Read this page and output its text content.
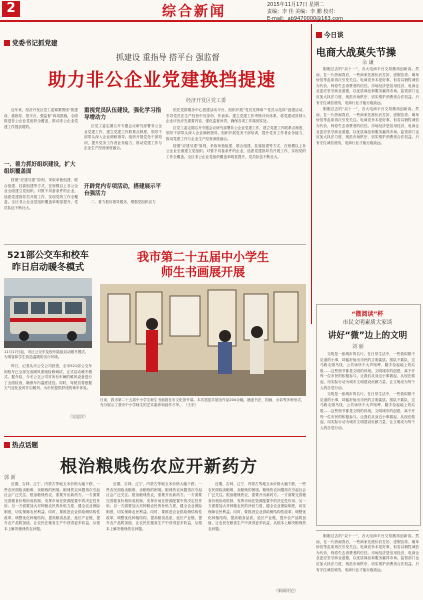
2	综合新闻	2015年11月17日 星期二
责编：李 佳 美编：李 鹏 校对：
E-mail：ab9470000@163.com
党委书记抓党建
抓建设 重指导 搭平台 强监督
助力非公企业党建换挡提速
经济开发区党工委

近年来，经济开发区党工委紧紧围绕“抓建设、重指导、搭平台、强监督”四项措施，全面推进非公企业党组织全覆盖，推动非公企业党建工作提质增效。

一、着力抓好组织建设，扩大组织覆盖面

按照“应建尽建”原则，采取单独组建、联合组建、挂靠组建等方式，在规模以上非公企业全面建立党组织。对暂不具备条件的企业，选派党建指导员开展工作，实现党的工作全覆盖。全区非公企业党组织覆盖率明显提升，党员队伍不断壮大。

重视党员队伍建设，强化学习指导增动力

区党工委定期召开专题会议研究部署非公企业党建工作，建立党建工作联系点制度，领导干部带头深入企业调研指导。组织开展党务干部培训，提升党务工作者业务能力，推动党建工作与企业生产经营深度融合。

开辟党内专项活动，搭建展示平台强活力

二、着力抓好指导服务，增强党组织活力

依托党群服务中心搭建活动平台，组织开展“党员先锋岗”“党员示范岗”创建活动，引导党员在生产经营中亮身份、作表率。建立党建工作考核评价体系，将党建成效纳入企业评优评先重要内容，强化监督问责，确保各项工作落到实处。

区党工委定期召开专题会议研究部署非公企业党建工作，建立党建工作联系点制度，领导干部带头深入企业调研指导。组织开展党务干部培训，提升党务工作者业务能力，推动党建工作与企业生产经营深度融合。

按照“应建尽建”原则，采取单独组建、联合组建、挂靠组建等方式，在规模以上非公企业全面建立党组织。对暂不具备条件的企业，选派党建指导员开展工作，实现党的工作全覆盖。全区非公企业党组织覆盖率明显提升，党员队伍不断壮大。

今日谈
电商大战莫失节操
余 谦

刚刚过去的“双十一”，各大电商平台交易额再创新高。然而，在一片热闹背后，一些商家先涨价后打折、虚假宣传、刷单炒信等乱象再次引发关注。电商竞争本是好事，但若以牺牲诚信为代价，终将失去消费者的信任。市场经济是信用经济，电商企业更应坚守商业道德，以优质商品和服务赢得市场。监管部门也应加大执法力度，规范市场秩序，切实维护消费者合法权益。只有守住诚信底线，电商行业才能行稳致远。

刚刚过去的“双十一”，各大电商平台交易额再创新高。然而，在一片热闹背后，一些商家先涨价后打折、虚假宣传、刷单炒信等乱象再次引发关注。电商竞争本是好事，但若以牺牲诚信为代价，终将失去消费者的信任。市场经济是信用经济，电商企业更应坚守商业道德，以优质商品和服务赢得市场。监管部门也应加大执法力度，规范市场秩序，切实维护消费者合法权益。只有守住诚信底线，电商行业才能行稳致远。

521部公交车和校车昨日启动暖冬模式
11月17日起，市区公交车及校车陆续启动暖冬模式，为乘客和学生营造温暖的出行环境。

昨日，记者从市公交公司获悉，全市521部公交车和校车已全部完成暖风系统检修调试，正式启动暖冬模式。据介绍，今冬公交公司对所有车辆的暖风设备进行了全面检查，确保车内温度适宜。同时，驾驶员将根据天气变化及时开启暖风，为市民提供舒适的乘车体验。

（吴思洋）
我市第二十五届中小学生
师生书画展开展
日前，我市第二十五届中小学生师生书画展在市文化馆开幕。本次展览共展出作品200余幅，涵盖书法、国画、水彩等多种形式，充分展示了我市中小学师生的艺术素养和创作才华。 （王东）
“微阅读”杯
市民文明素质大家谈
讲好“微”边上的文明
刘 丽

文明是一座城市的名片。在日常生活中，一些看似微不足道的小事，却能折射出市民的文明素质。排队不插队、过马路走斑马线、公共场所不大声喧哗、随手捡起地上的垃圾……这些细节都是文明的体现。文明城市的创建，离不开每一位市民的积极参与。让我们从身边小事做起，从现在做起，用实际行动为城市文明建设贡献力量，让文明成为每个人的自觉行动。

文明是一座城市的名片。在日常生活中，一些看似微不足道的小事，却能折射出市民的文明素质。排队不插队、过马路走斑马线、公共场所不大声喧哗、随手捡起地上的垃圾……这些细节都是文明的体现。文明城市的创建，离不开每一位市民的积极参与。让我们从身边小事做起，从现在做起，用实际行动为城市文明建设贡献力量，让文明成为每个人的自觉行动。

热点话题
根治粮贱伤农应开新药方
郭 新

近期，吉林、辽宁、内蒙古等地玉米价格大幅下跌，一些农民面临卖粮难、卖粮贱的困境。粮贱伤农问题再次引起社会广泛关注。根治粮贱伤农，需要开出新药方。一方面要完善粮食价格形成机制，发挥市场在资源配置中的决定性作用；另一方面要加大对种粮农民的补贴力度，健全农业保险制度，切实保障农民利益。同时，要推进农业供给侧结构性改革，调整优化种植结构，提高粮食品质，延长产业链，提升农产品附加值，让农民在粮食生产中获得更多收益，从根本上解决粮贱伤农问题。

近期，吉林、辽宁、内蒙古等地玉米价格大幅下跌，一些农民面临卖粮难、卖粮贱的困境。粮贱伤农问题再次引起社会广泛关注。根治粮贱伤农，需要开出新药方。一方面要完善粮食价格形成机制，发挥市场在资源配置中的决定性作用；另一方面要加大对种粮农民的补贴力度，健全农业保险制度，切实保障农民利益。同时，要推进农业供给侧结构性改革，调整优化种植结构，提高粮食品质，延长产业链，提升农产品附加值，让农民在粮食生产中获得更多收益，从根本上解决粮贱伤农问题。

近期，吉林、辽宁、内蒙古等地玉米价格大幅下跌，一些农民面临卖粮难、卖粮贱的困境。粮贱伤农问题再次引起社会广泛关注。根治粮贱伤农，需要开出新药方。一方面要完善粮食价格形成机制，发挥市场在资源配置中的决定性作用；另一方面要加大对种粮农民的补贴力度，健全农业保险制度，切实保障农民利益。同时，要推进农业供给侧结构性改革，调整优化种植结构，提高粮食品质，延长产业链，提升农产品附加值，让农民在粮食生产中获得更多收益，从根本上解决粮贱伤农问题。

（新闻评论）

刚刚过去的“双十一”，各大电商平台交易额再创新高。然而，在一片热闹背后，一些商家先涨价后打折、虚假宣传、刷单炒信等乱象再次引发关注。电商竞争本是好事，但若以牺牲诚信为代价，终将失去消费者的信任。市场经济是信用经济，电商企业更应坚守商业道德，以优质商品和服务赢得市场。监管部门也应加大执法力度，规范市场秩序，切实维护消费者合法权益。只有守住诚信底线，电商行业才能行稳致远。
